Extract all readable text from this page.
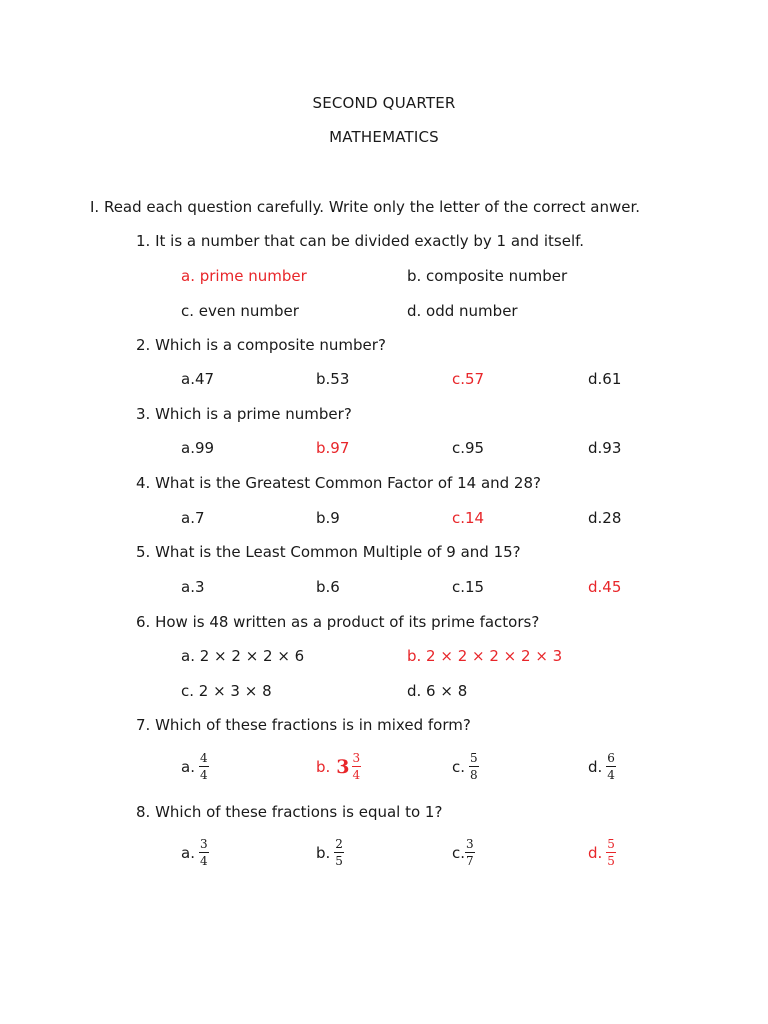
SECOND QUARTER
MATHEMATICS
I. Read each question carefully. Write only the letter of the correct anwer.
1. It is a number that can be divided exactly by 1 and itself.
a. prime number	b. composite number
c. even number	d. odd number
2. Which is a composite number?
a.47	b.53	c.57	d.61
3. Which is a prime number?
a.99	b.97	c.95	d.93
4. What is the Greatest Common Factor of 14 and 28?
a.7	b.9	c.14	d.28
5. What is the Least Common Multiple of 9 and 15?
a.3	b.6	c.15	d.45
6. How is 48 written as a product of its prime factors?
a. 2 × 2 × 2 × 6	b. 2 × 2 × 2 × 2 × 3
c. 2 × 3 × 8	d. 6 × 8
7. Which of these fractions is in mixed form?
a. $\frac{4}{4}$	b. $3 \frac{3}{4}$	c. $\frac{5}{8}$	d. $\frac{6}{4}$
8. Which of these fractions is equal to 1?
a. $\frac{3}{4}$	b. $\frac{2}{5}$	c. $\frac{3}{7}$	d. $\frac{5}{5}$
